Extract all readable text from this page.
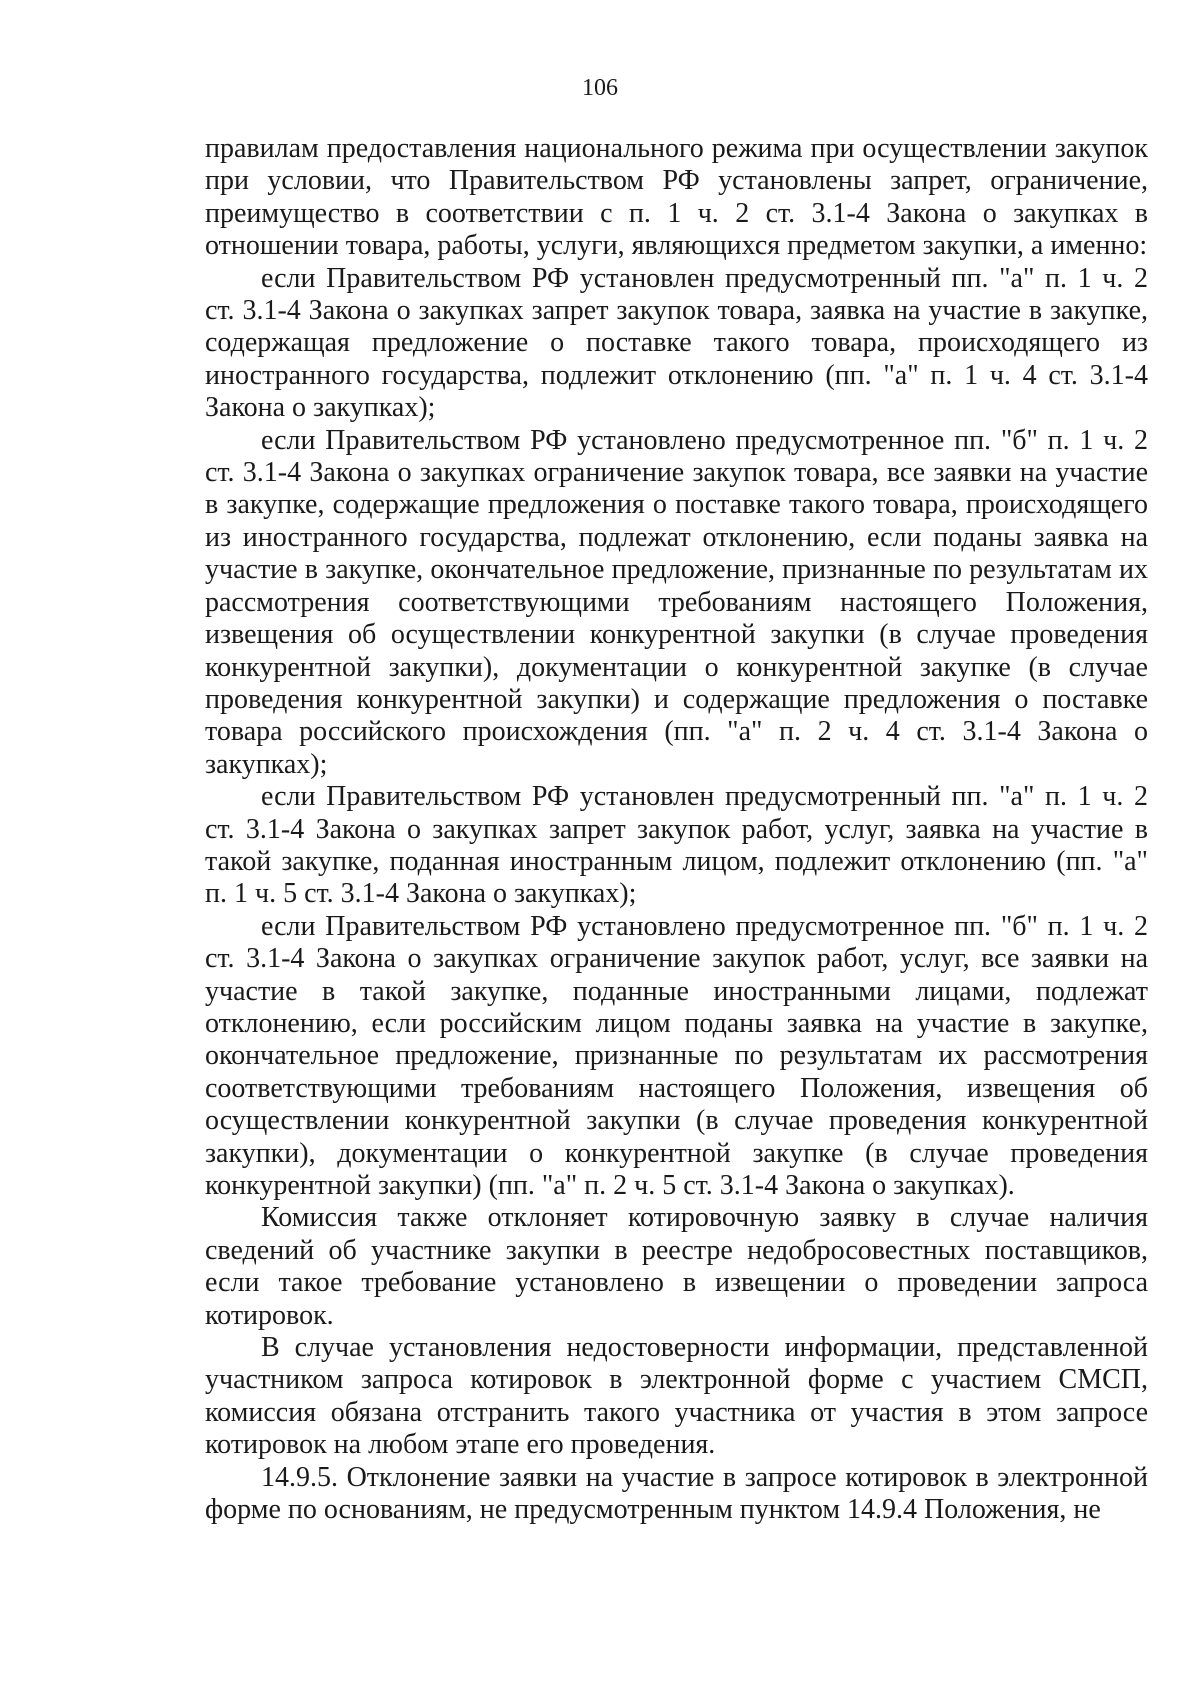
106

правилам предоставления национального режима при осуществлении закупок при условии, что Правительством РФ установлены запрет, ограничение, преимущество в соответствии с п. 1 ч. 2 ст. 3.1-4 Закона о закупках в отношении товара, работы, услуги, являющихся предметом закупки, а именно:

если Правительством РФ установлен предусмотренный пп. "а" п. 1 ч. 2 ст. 3.1-4 Закона о закупках запрет закупок товара, заявка на участие в закупке, содержащая предложение о поставке такого товара, происходящего из иностранного государства, подлежит отклонению (пп. "а" п. 1 ч. 4 ст. 3.1-4 Закона о закупках);

если Правительством РФ установлено предусмотренное пп. "б" п. 1 ч. 2 ст. 3.1-4 Закона о закупках ограничение закупок товара, все заявки на участие в закупке, содержащие предложения о поставке такого товара, происходящего из иностранного государства, подлежат отклонению, если поданы заявка на участие в закупке, окончательное предложение, признанные по результатам их рассмотрения соответствующими требованиям настоящего Положения, извещения об осуществлении конкурентной закупки (в случае проведения конкурентной закупки), документации о конкурентной закупке (в случае проведения конкурентной закупки) и содержащие предложения о поставке товара российского происхождения (пп. "а" п. 2 ч. 4 ст. 3.1-4 Закона о закупках);

если Правительством РФ установлен предусмотренный пп. "а" п. 1 ч. 2 ст. 3.1-4 Закона о закупках запрет закупок работ, услуг, заявка на участие в такой закупке, поданная иностранным лицом, подлежит отклонению (пп. "а" п. 1 ч. 5 ст. 3.1-4 Закона о закупках);

если Правительством РФ установлено предусмотренное пп. "б" п. 1 ч. 2 ст. 3.1-4 Закона о закупках ограничение закупок работ, услуг, все заявки на участие в такой закупке, поданные иностранными лицами, подлежат отклонению, если российским лицом поданы заявка на участие в закупке, окончательное предложение, признанные по результатам их рассмотрения соответствующими требованиям настоящего Положения, извещения об осуществлении конкурентной закупки (в случае проведения конкурентной закупки), документации о конкурентной закупке (в случае проведения конкурентной закупки) (пп. "а" п. 2 ч. 5 ст. 3.1-4 Закона о закупках).

Комиссия также отклоняет котировочную заявку в случае наличия сведений об участнике закупки в реестре недобросовестных поставщиков, если такое требование установлено в извещении о проведении запроса котировок.

В случае установления недостоверности информации, представленной участником запроса котировок в электронной форме с участием СМСП, комиссия обязана отстранить такого участника от участия в этом запросе котировок на любом этапе его проведения.

14.9.5. Отклонение заявки на участие в запросе котировок в электронной форме по основаниям, не предусмотренным пунктом 14.9.4 Положения, не
